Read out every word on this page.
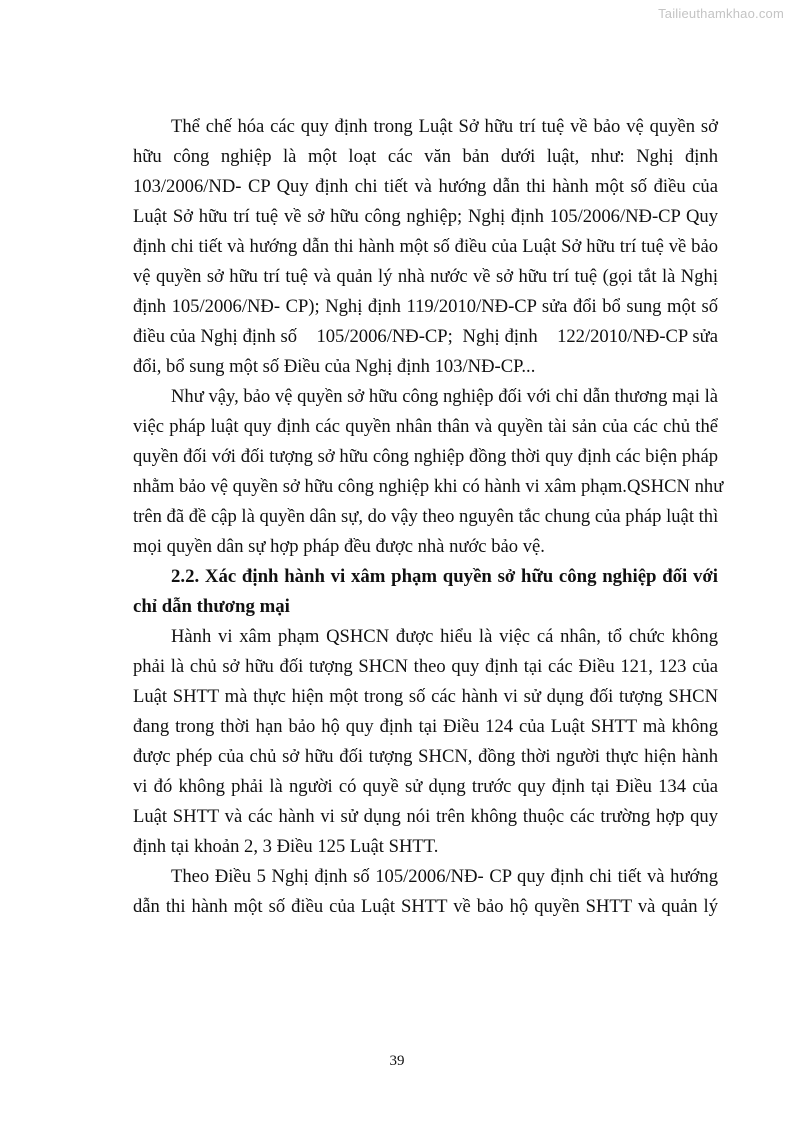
Tailieuthamkhao.com
Thể chế hóa các quy định trong Luật Sở hữu trí tuệ về bảo vệ quyền sở
hữu công nghiệp là một loạt các văn bản dưới luật, như: Nghị định
103/2006/ND- CP Quy định chi tiết và hướng dẫn thi hành một số điều của
Luật Sở hữu trí tuệ về sở hữu công nghiệp; Nghị định 105/2006/NĐ-CP Quy
định chi tiết và hướng dẫn thi hành một số điều của Luật Sở hữu trí tuệ về bảo
vệ quyền sở hữu trí tuệ và quản lý nhà nước về sở hữu trí tuệ (gọi tắt là Nghị
định 105/2006/NĐ- CP); Nghị định 119/2010/NĐ-CP sửa đổi bổ sung một số
điều của Nghị định số    105/2006/NĐ-CP;  Nghị định    122/2010/NĐ-CP sửa
đổi, bổ sung một số Điều của Nghị định 103/NĐ-CP...
Như vậy, bảo vệ quyền sở hữu công nghiệp đối với chỉ dẫn thương mại là
việc pháp luật quy định các quyền nhân thân và quyền tài sản của các chủ thể
quyền đối với đối tượng sở hữu công nghiệp đồng thời quy định các biện pháp
nhằm bảo vệ quyền sở hữu công nghiệp khi có hành vi xâm phạm.QSHCN như
trên đã đề cập là quyền dân sự, do vậy theo nguyên tắc chung của pháp luật thì
mọi quyền dân sự hợp pháp đều được nhà nước bảo vệ.
2.2. Xác định hành vi xâm phạm quyền sở hữu công nghiệp đối với
chỉ dẫn thương mại
Hành vi xâm phạm QSHCN được hiểu là việc cá nhân, tổ chức không
phải là chủ sở hữu đối tượng SHCN theo quy định tại các Điều 121, 123 của
Luật SHTT mà thực hiện một trong số các hành vi sử dụng đối tượng SHCN
đang trong thời hạn bảo hộ quy định tại Điều 124 của Luật SHTT mà không
được phép của chủ sở hữu đối tượng SHCN, đồng thời người thực hiện hành
vi đó không phải là người có quyề sử dụng trước quy định tại Điều 134 của
Luật SHTT và các hành vi sử dụng nói trên không thuộc các trường hợp quy
định tại khoản 2, 3 Điều 125 Luật SHTT.
Theo Điều 5 Nghị định số 105/2006/NĐ- CP quy định chi tiết và hướng
dẫn thi hành một số điều của Luật SHTT về bảo hộ quyền SHTT và quản lý
39
